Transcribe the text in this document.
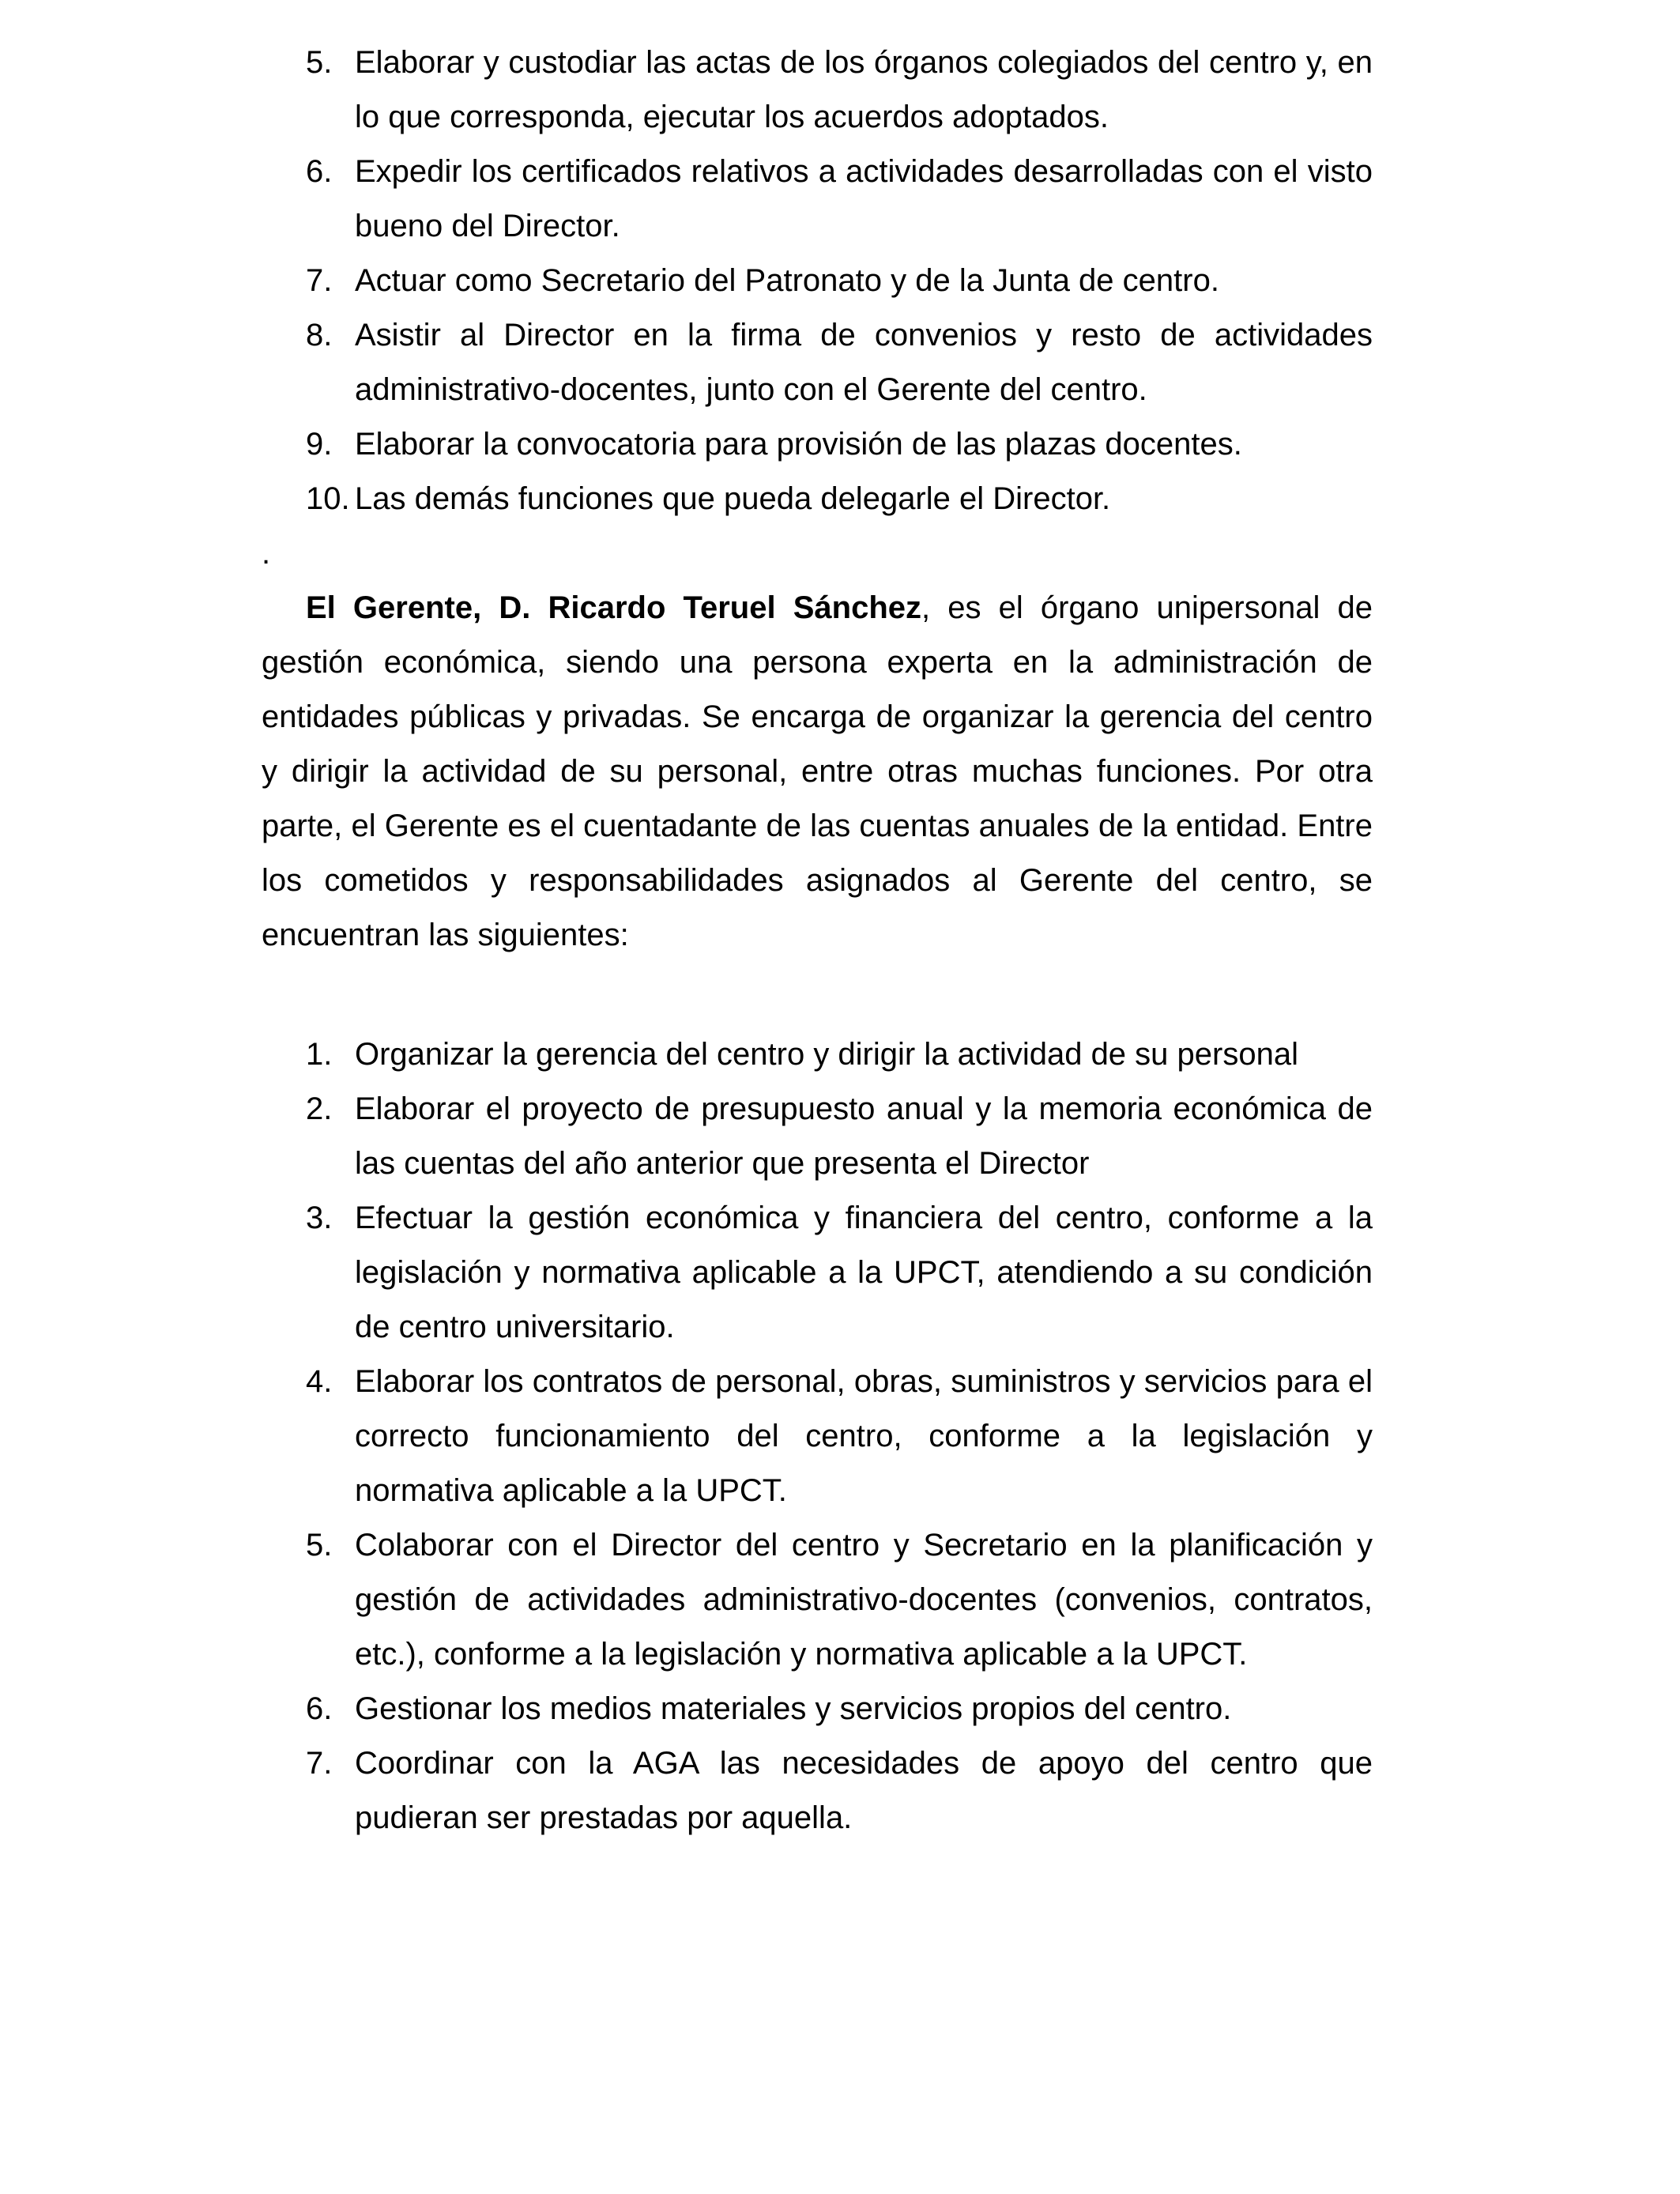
5. Elaborar y custodiar las actas de los órganos colegiados del centro y, en lo que corresponda, ejecutar los acuerdos adoptados.
6. Expedir los certificados relativos a actividades desarrolladas con el visto bueno del Director.
7. Actuar como Secretario del Patronato y de la Junta de centro.
8. Asistir al Director en la firma de convenios y resto de actividades administrativo-docentes, junto con el Gerente del centro.
9. Elaborar la convocatoria para provisión de las plazas docentes.
10. Las demás funciones que pueda delegarle el Director.
.

El Gerente, D. Ricardo Teruel Sánchez, es el órgano unipersonal de gestión económica, siendo una persona experta en la administración de entidades públicas y privadas. Se encarga de organizar la gerencia del centro y dirigir la actividad de su personal, entre otras muchas funciones. Por otra parte, el Gerente es el cuentadante de las cuentas anuales de la entidad. Entre los cometidos y responsabilidades asignados al Gerente del centro, se encuentran las siguientes:

1. Organizar la gerencia del centro y dirigir la actividad de su personal
2. Elaborar el proyecto de presupuesto anual y la memoria económica de las cuentas del año anterior que presenta el Director
3. Efectuar la gestión económica y financiera del centro, conforme a la legislación y normativa aplicable a la UPCT, atendiendo a su condición de centro universitario.
4. Elaborar los contratos de personal, obras, suministros y servicios para el correcto funcionamiento del centro, conforme a la legislación y normativa aplicable a la UPCT.
5. Colaborar con el Director del centro y Secretario en la planificación y gestión de actividades administrativo-docentes (convenios, contratos, etc.), conforme a la legislación y normativa aplicable a la UPCT.
6. Gestionar los medios materiales y servicios propios del centro.
7. Coordinar con la AGA las necesidades de apoyo del centro que pudieran ser prestadas por aquella.
